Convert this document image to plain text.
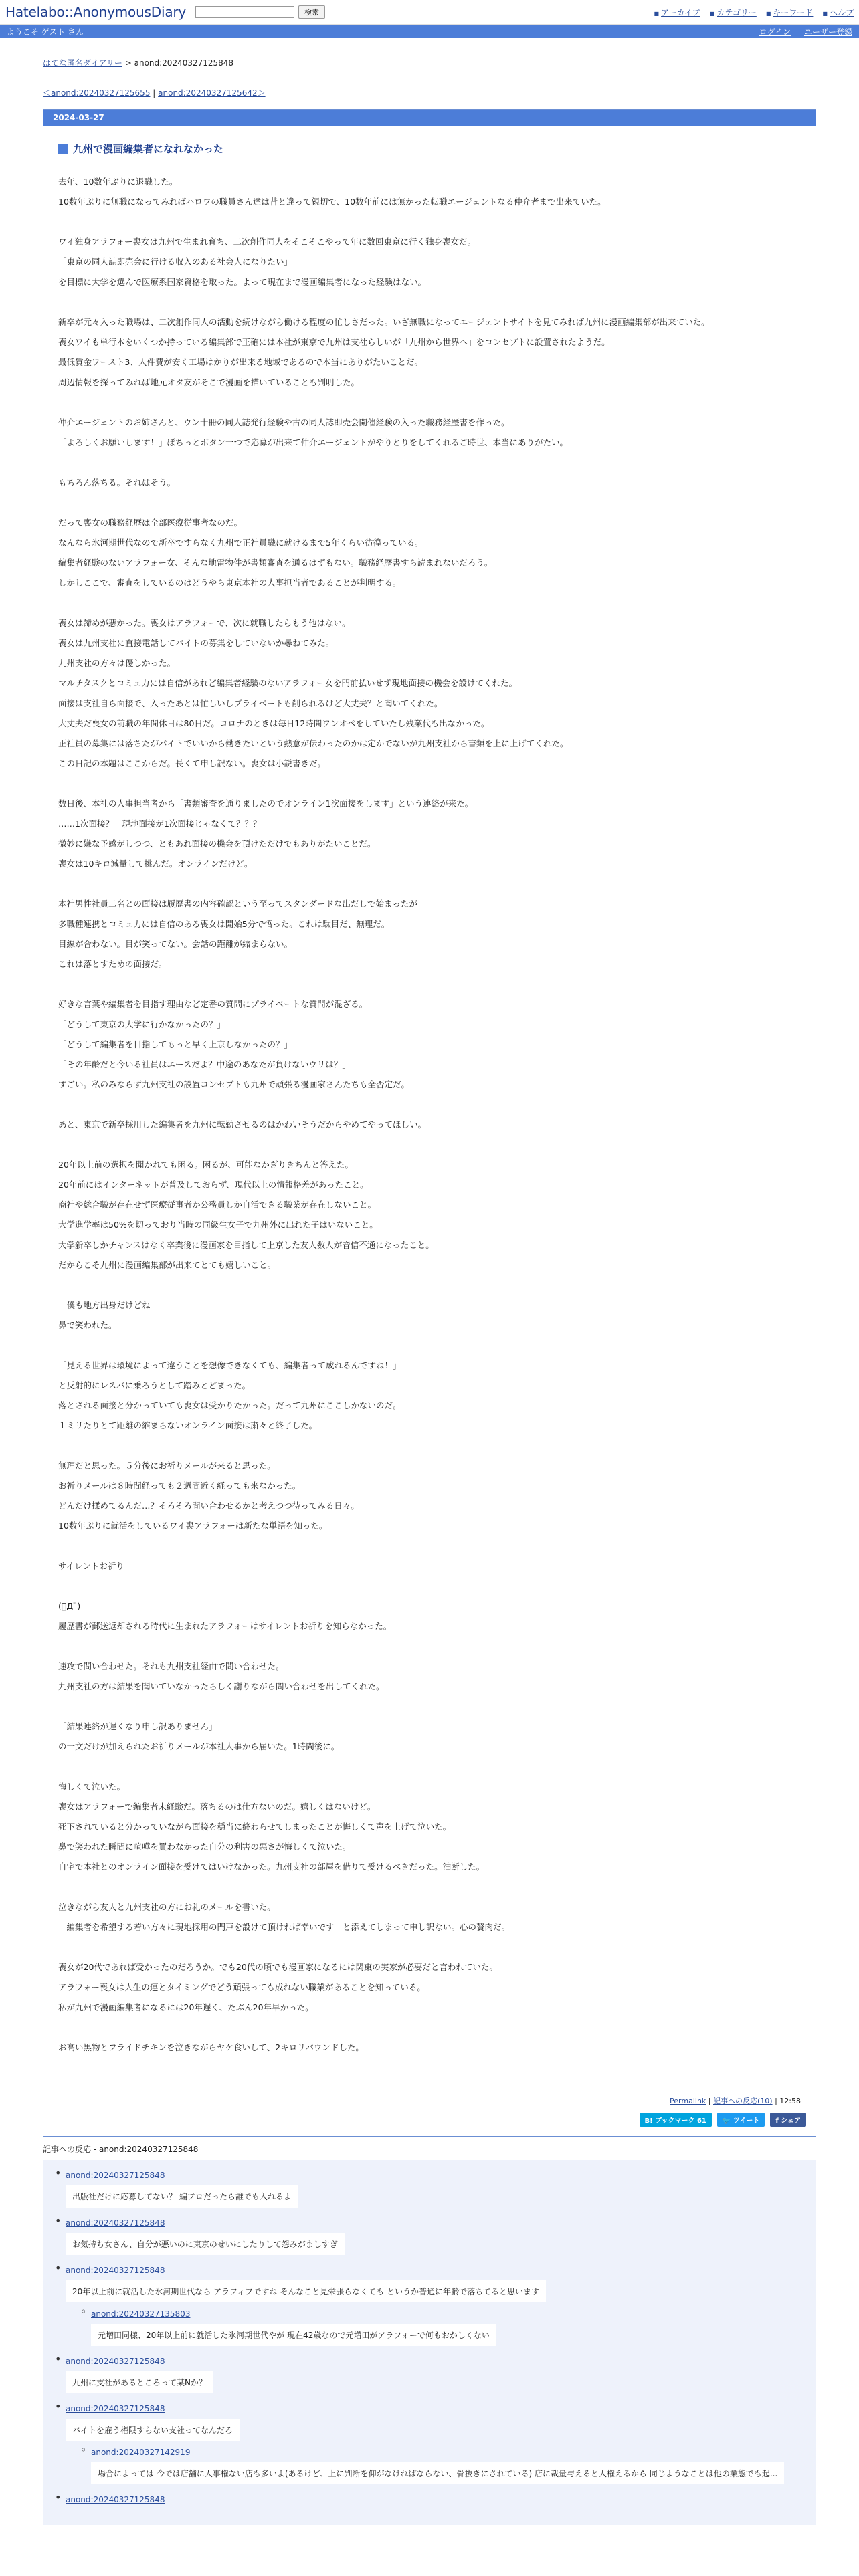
Hatelabo::AnonymousDiary	検索	■ アーカイブ	■ カテゴリー	■ キーワード	■ ヘルプ
ようこそ ゲスト さん	ログイン ユーザー登録
はてな匿名ダイアリー > anond:20240327125848
＜anond:20240327125655 | anond:20240327125642＞
2024-03-27
九州で漫画編集者になれなかった

去年、10数年ぶりに退職した。

10数年ぶりに無職になってみればハロワの職員さん達は昔と違って親切で、10数年前には無かった転職エージェントなる仲介者まで出来ていた。

ワイ独身アラフォー喪女は九州で生まれ育ち、二次創作同人をそこそこやって年に数回東京に行く独身喪女だ。

「東京の同人誌即売会に行ける収入のある社会人になりたい」

を目標に大学を選んで医療系国家資格を取った。よって現在まで漫画編集者になった経験はない。

新卒が元々入った職場は、二次創作同人の活動を続けながら働ける程度の忙しさだった。いざ無職になってエージェントサイトを見てみれば九州に漫画編集部が出来ていた。

喪女ワイも単行本をいくつか持っている編集部で正確には本社が東京で九州は支社らしいが「九州から世界へ」をコンセプトに設置されたようだ。

最低賃金ワースト3、人件費が安く工場はかりが出来る地域であるので本当にありがたいことだ。

周辺情報を探ってみれば地元オタ友がそこで漫画を描いていることも判明した。

仲介エージェントのお姉さんと、ウン十冊の同人誌発行経験や古の同人誌即売会開催経験の入った職務経歴書を作った。

「よろしくお願いします！」ぽちっとボタン一つで応募が出来て仲介エージェントがやりとりをしてくれるご時世、本当にありがたい。

もちろん落ちる。それはそう。

だって喪女の職務経歴は全部医療従事者なのだ。

なんなら氷河期世代なので新卒ですらなく九州で正社員職に就けるまで5年くらい彷徨っている。

編集者経験のないアラフォー女、そんな地雷物件が書類審査を通るはずもない。職務経歴書すら読まれないだろう。

しかしここで、審査をしているのはどうやら東京本社の人事担当者であることが判明する。

喪女は諦めが悪かった。喪女はアラフォーで、次に就職したらもう他はない。

喪女は九州支社に直接電話してバイトの募集をしていないか尋ねてみた。

九州支社の方々は優しかった。

マルチタスクとコミュ力には自信があれど編集者経験のないアラフォー女を門前払いせず現地面接の機会を設けてくれた。

面接は支社自ら面接で、入ったあとは忙しいしプライベートも削られるけど大丈夫？と聞いてくれた。

大丈夫だ喪女の前職の年間休日は80日だ。コロナのときは毎日12時間ワンオペをしていたし残業代も出なかった。

正社員の募集には落ちたがバイトでいいから働きたいという熱意が伝わったのかは定かでないが九州支社から書類を上に上げてくれた。

この日記の本題はここからだ。長くて申し訳ない。喪女は小説書きだ。

数日後、本社の人事担当者から「書類審査を通りましたのでオンライン1次面接をします」という連絡が来た。

……1次面接？　現地面接が1次面接じゃなくて？？？

微妙に嫌な予感がしつつ、ともあれ面接の機会を頂けただけでもありがたいことだ。

喪女は10キロ減量して挑んだ。オンラインだけど。

本社男性社員二名との面接は履歴書の内容確認という至ってスタンダードな出だしで始まったが

多職種連携とコミュ力には自信のある喪女は開始5分で悟った。これは駄目だ、無理だ。

目線が合わない。目が笑ってない。会話の距離が縮まらない。

これは落とすための面接だ。

好きな言葉や編集者を目指す理由など定番の質問にプライベートな質問が混ざる。

「どうして東京の大学に行かなかったの？」

「どうして編集者を目指してもっと早く上京しなかったの？」

「その年齢だと今いる社員はエースだよ？中途のあなたが負けないウリは？」

すごい。私のみならず九州支社の設置コンセプトも九州で頑張る漫画家さんたちも全否定だ。

あと、東京で新卒採用した編集者を九州に転勤させるのはかわいそうだからやめてやってほしい。

20年以上前の選択を聞かれても困る。困るが、可能なかぎりきちんと答えた。

20年前にはインターネットが普及しておらず、現代以上の情報格差があったこと。

商社や総合職が存在せず医療従事者か公務員しか自活できる職業が存在しないこと。

大学進学率は50%を切っており当時の同級生女子で九州外に出れた子はいないこと。

大学新卒しかチャンスはなく卒業後に漫画家を目指して上京した友人数人が音信不通になったこと。

だからこそ九州に漫画編集部が出来てとても嬉しいこと。

「僕も地方出身だけどね」

鼻で笑われた。

「見える世界は環境によって違うことを想像できなくても、編集者って成れるんですね！」

と反射的にレスバに乗ろうとして踏みとどまった。

落とされる面接と分かっていても喪女は受かりたかった。だって九州にここしかないのだ。

１ミリたりとて距離の縮まらないオンライン面接は粛々と終了した。

無理だと思った。５分後にお祈りメールが来ると思った。

お祈りメールは８時間経っても２週間近く経っても来なかった。

どんだけ揉めてるんだ…？そろそろ問い合わせるかと考えつつ待ってみる日々。

10数年ぶりに就活をしているワイ喪アラフォーは新たな単語を知った。

サイレントお祈り

(ﾟДﾟ)

履歴書が郵送返却される時代に生まれたアラフォーはサイレントお祈りを知らなかった。

速攻で問い合わせた。それも九州支社経由で問い合わせた。

九州支社の方は結果を聞いていなかったらしく謝りながら問い合わせを出してくれた。

「結果連絡が遅くなり申し訳ありません」

の一文だけが加えられたお祈りメールが本社人事から届いた。1時間後に。

悔しくて泣いた。

喪女はアラフォーで編集者未経験だ。落ちるのは仕方ないのだ。嬉しくはないけど。

死下されていると分かっていながら面接を穏当に終わらせてしまったことが悔しくて声を上げて泣いた。

鼻で笑われた瞬間に喧嘩を買わなかった自分の利害の悪さが悔しくて泣いた。

自宅で本社とのオンライン面接を受けてはいけなかった。九州支社の部屋を借りて受けるべきだった。油断した。

泣きながら友人と九州支社の方にお礼のメールを書いた。

「編集者を希望する若い方々に現地採用の門戸を設けて頂ければ幸いです」と添えてしまって申し訳ない。心の贅肉だ。

喪女が20代であれば受かったのだろうか。でも20代の頃でも漫画家になるには関東の実家が必要だと言われていた。

アラフォー喪女は人生の運とタイミングでどう頑張っても成れない職業があることを知っている。

私が九州で漫画編集者になるには20年遅く、たぶん20年早かった。

お高い黒物とフライドチキンを泣きながらヤケ食いして、2キロリバウンドした。

Permalink | 記事への反応(10) | 12:58
B! ブックマーク 61	🐦 ツイート	f シェア
記事への反応 - anond:20240327125848
• anond:20240327125848
出版社だけに応募してない？ 編プロだったら誰でも入れるよ
• anond:20240327125848
お気持ち女さん、自分が悪いのに東京のせいにしたりして怨みがましすぎ
• anond:20240327125848
20年以上前に就活した氷河期世代なら アラフィフですね そんなこと見栄張らなくても というか普通に年齢で落ちてると思います
◦ anond:20240327135803
元増田同様、20年以上前に就活した氷河期世代やが 現在42歳なので元増田がアラフォーで何もおかしくない
• anond:20240327125848
九州に支社があるところって某Nか？
• anond:20240327125848
バイトを雇う権限すらない支社ってなんだろ
◦ anond:20240327142919
場合によっては 今では店舗に人事権ない店も多いよ(あるけど、上に判断を仰がなければならない、骨抜きにされている) 店に裁量与えると人権えるから 同じようなことは他の業態でも起...
• anond:20240327125848
